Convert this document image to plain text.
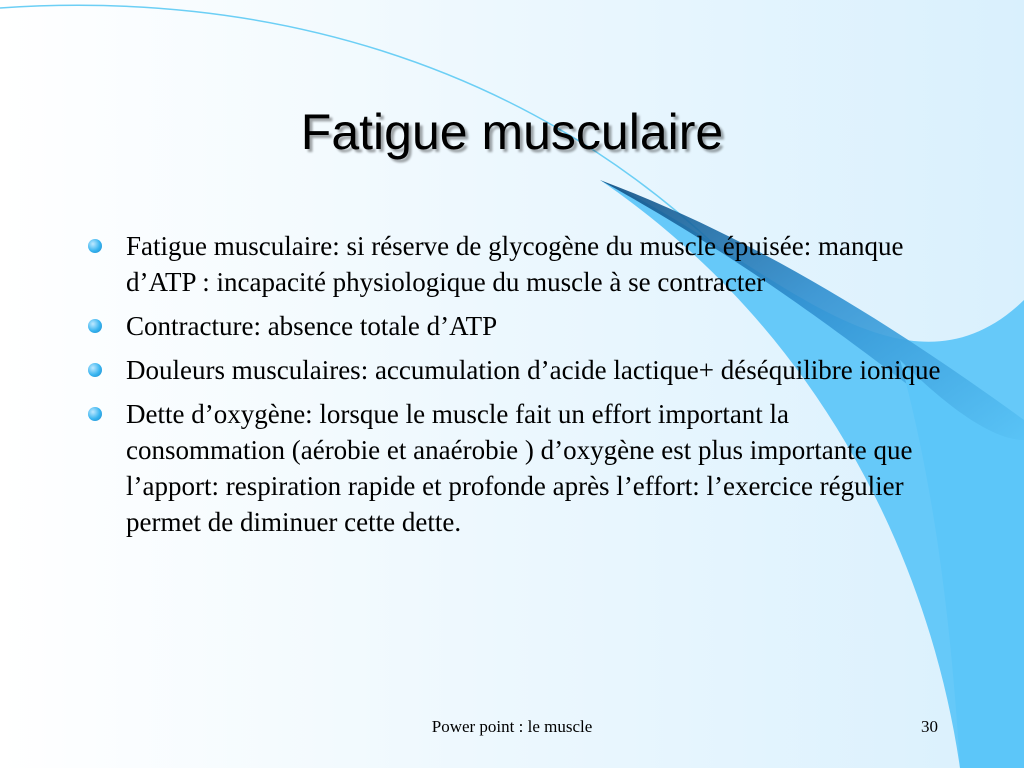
Fatigue musculaire
Fatigue musculaire: si réserve de glycogène du muscle épuisée: manque d’ATP : incapacité physiologique du muscle à se contracter
Contracture: absence totale d’ATP
Douleurs musculaires: accumulation d’acide lactique+ déséquilibre ionique
Dette d’oxygène: lorsque le muscle fait un effort important la consommation (aérobie et anaérobie ) d’oxygène est plus importante que l’apport: respiration rapide et profonde après l’effort: l’exercice régulier permet de diminuer cette dette.
Power point : le muscle	30
